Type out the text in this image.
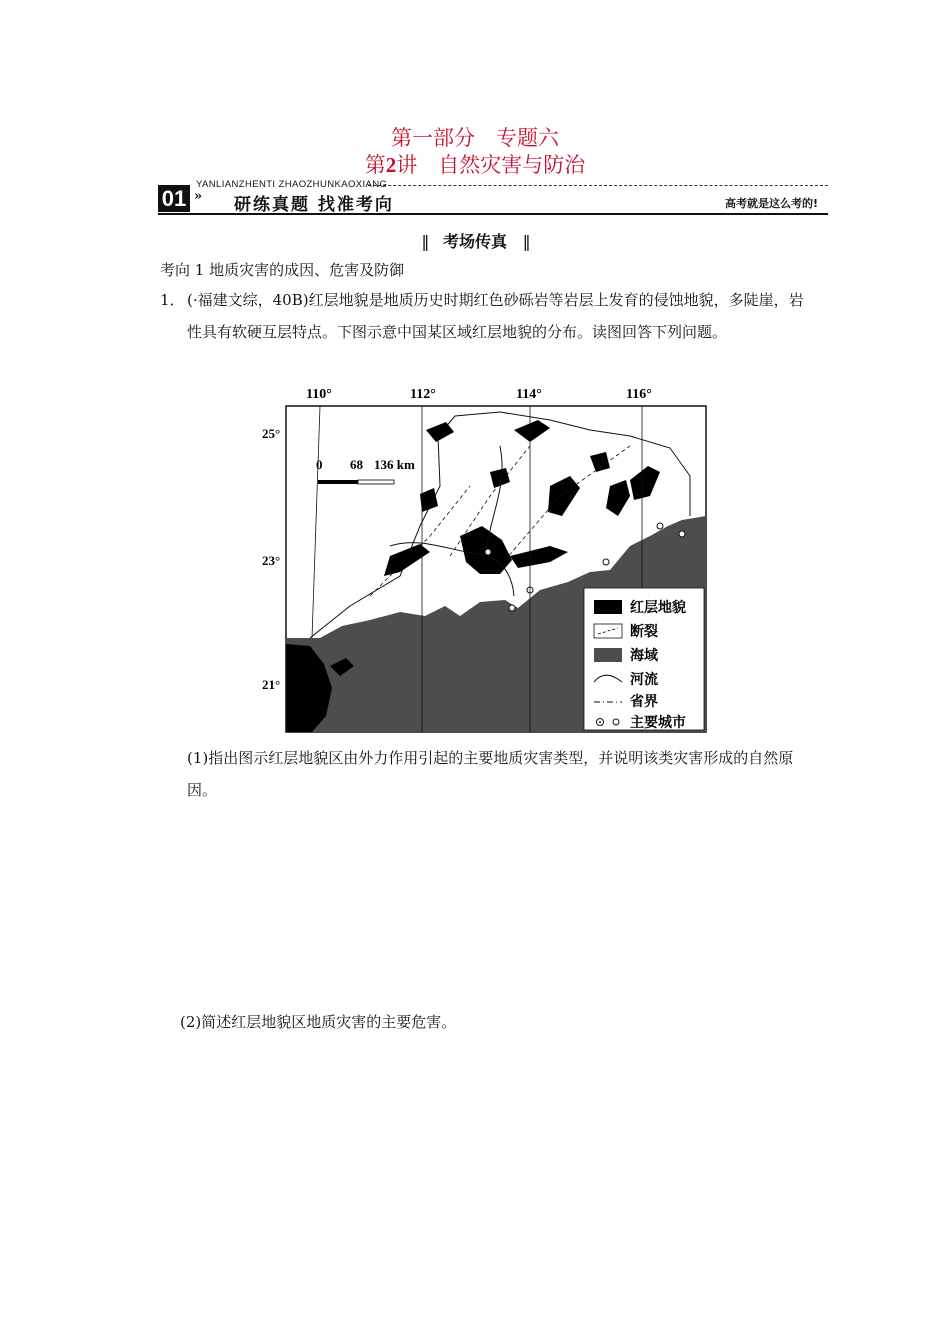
第一部分　专题六
第2讲　自然灾害与防治
YANLIANZHENTI ZHAOZHUNKAOXIANG
01 » 研练真题 找准考向	高考就是这么考的!
‖ 考场传真 ‖
考向 1 地质灾害的成因、危害及防御
1． (·福建文综，40B)红层地貌是地质历史时期红色砂砾岩等岩层上发育的侵蚀地貌，多陡崖，岩性具有软硬互层特点。下图示意中国某区域红层地貌的分布。读图回答下列问题。
110°	112°	114°	116°
25°
23°
21°
0 68 136 km
红层地貌
断裂
海域
河流
省界
主要城市
(1)指出图示红层地貌区由外力作用引起的主要地质灾害类型，并说明该类灾害形成的自然原因。
(2)简述红层地貌区地质灾害的主要危害。
